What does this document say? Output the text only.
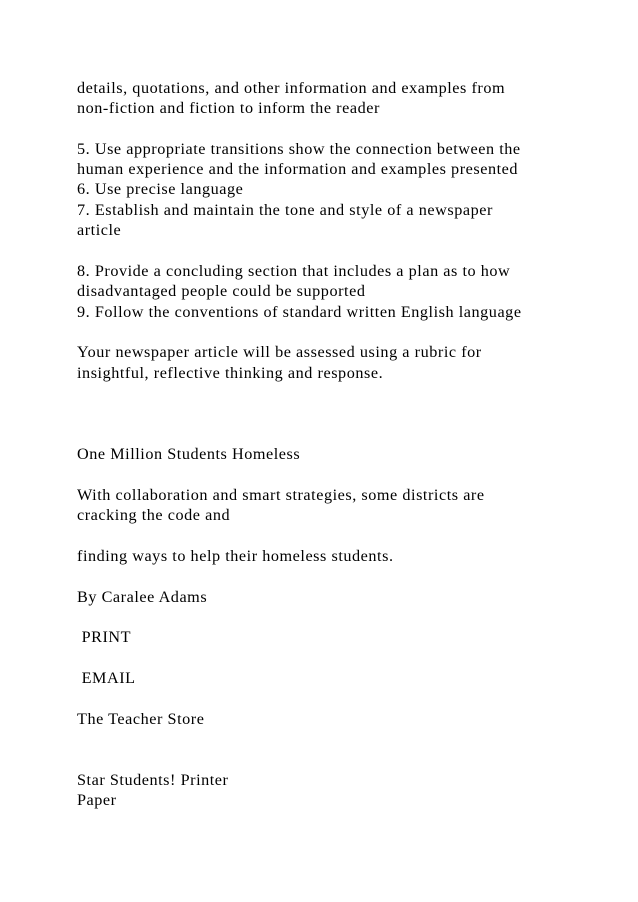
details, quotations, and other information and examples from
non-fiction and fiction to inform the reader
5. Use appropriate transitions show the connection between the
human experience and the information and examples presented
6. Use precise language
7. Establish and maintain the tone and style of a newspaper
article
8. Provide a concluding section that includes a plan as to how
disadvantaged people could be supported
9. Follow the conventions of standard written English language
Your newspaper article will be assessed using a rubric for
insightful, reflective thinking and response.
One Million Students Homeless
With collaboration and smart strategies, some districts are
cracking the code and
finding ways to help their homeless students.
By Caralee Adams
PRINT
EMAIL
The Teacher Store
Star Students! Printer
Paper
